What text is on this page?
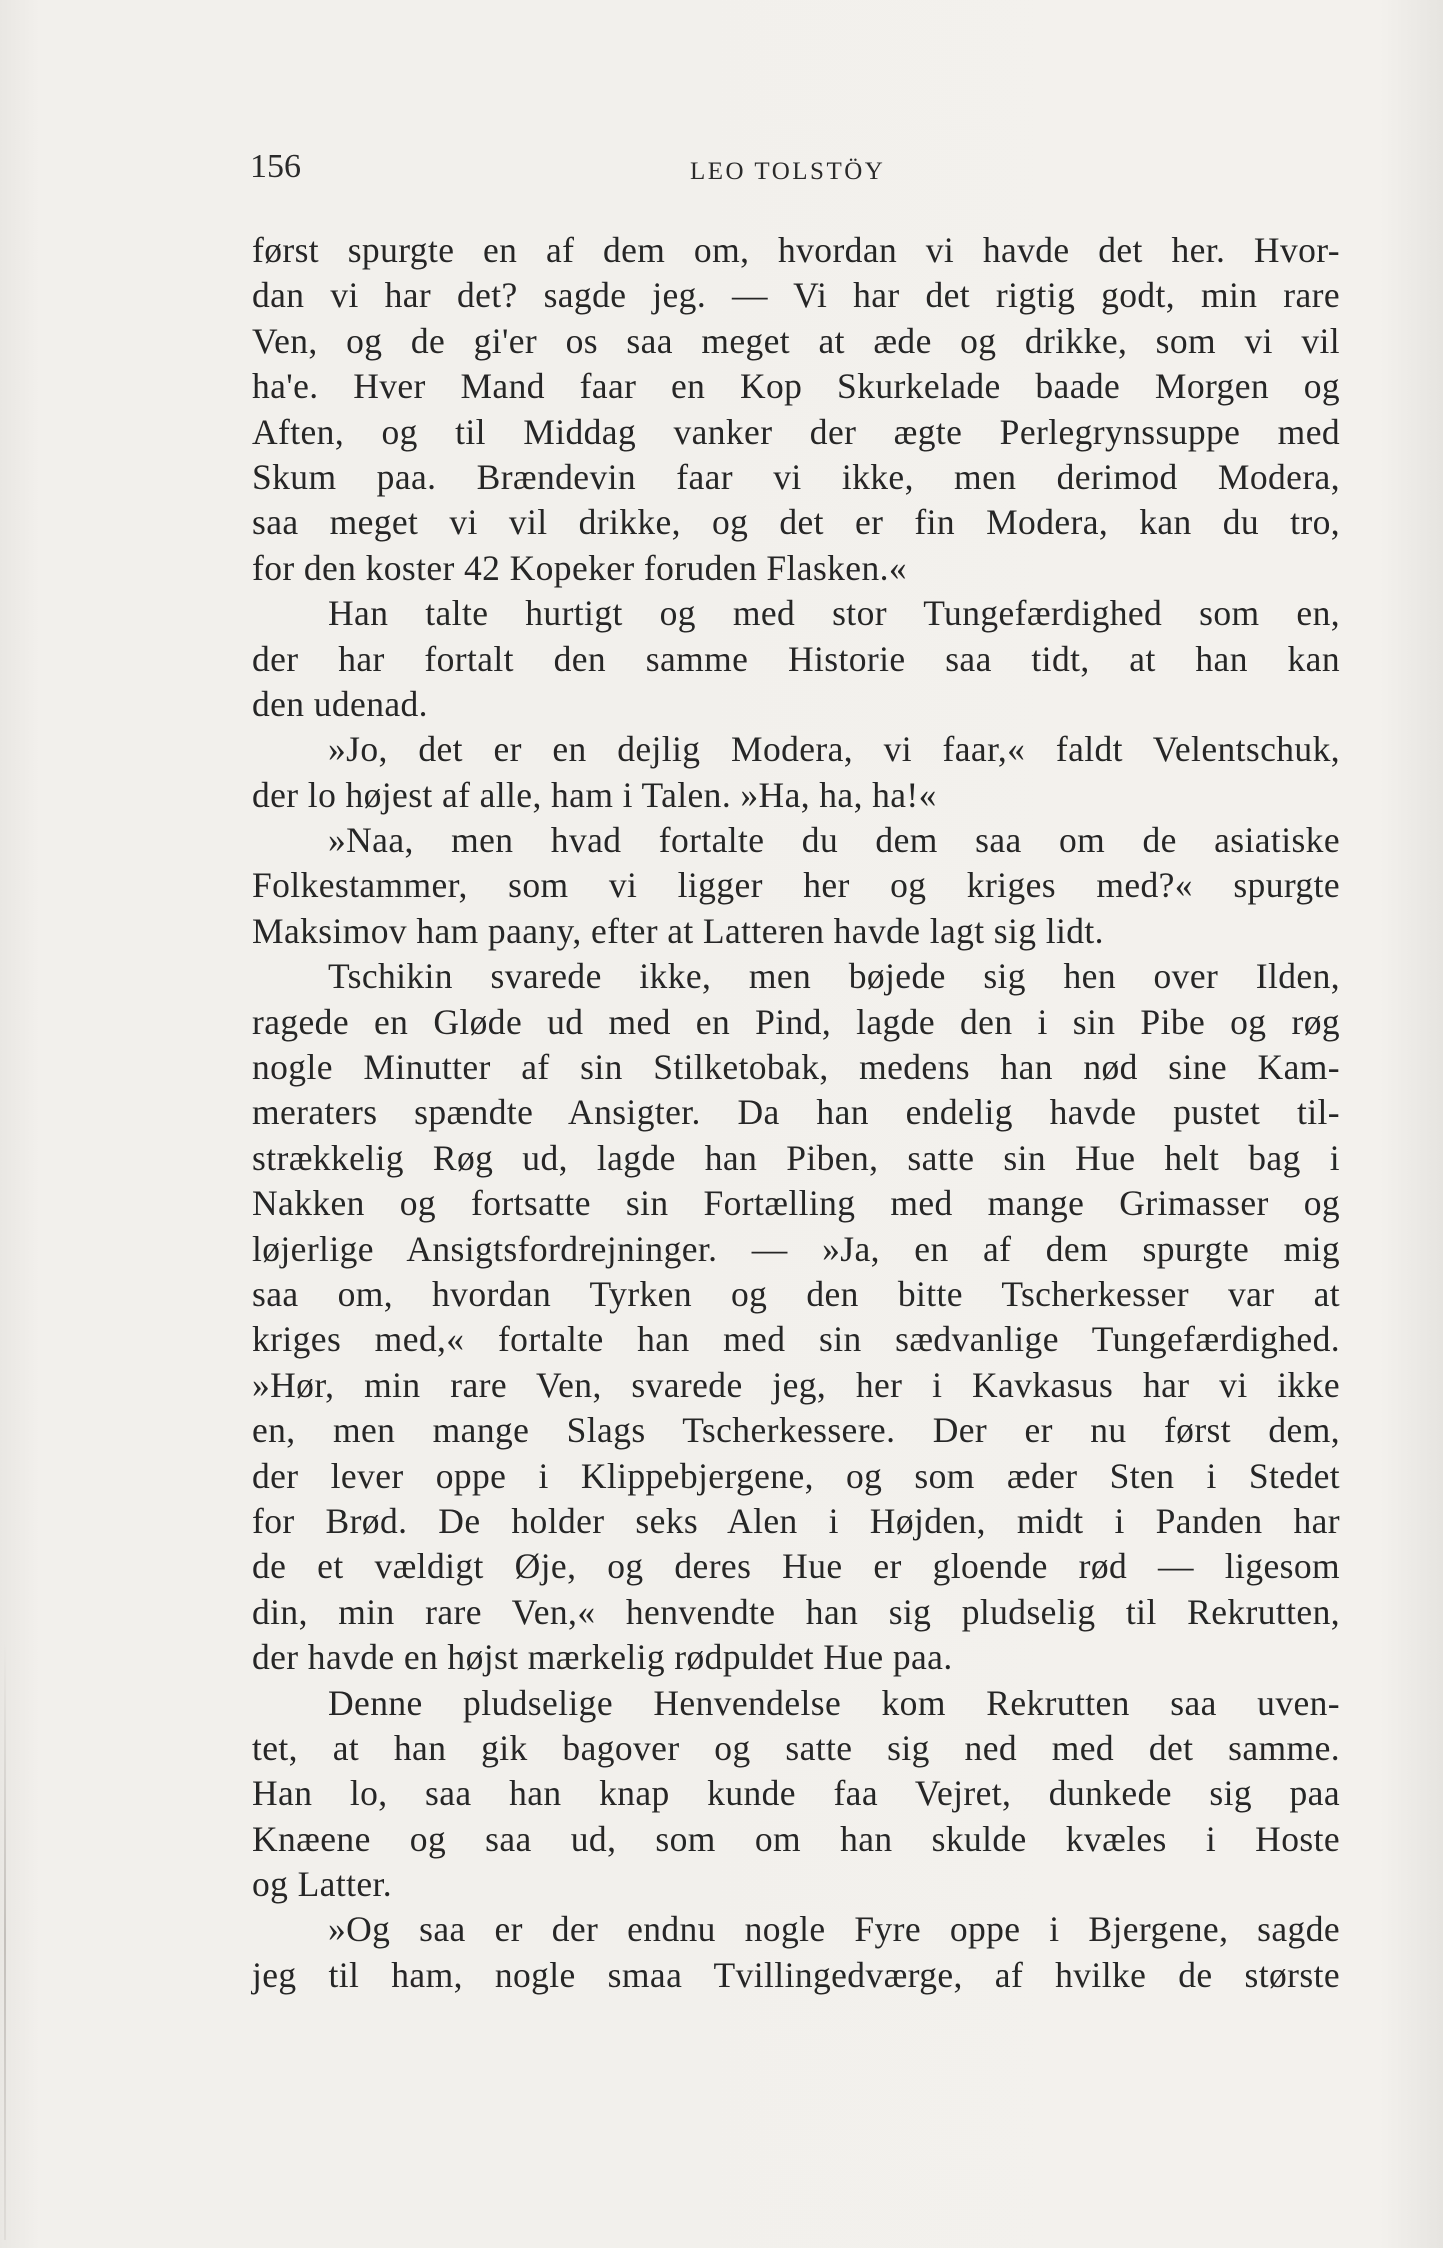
156	LEO TOLSTÖY
først spurgte en af dem om, hvordan vi havde det her. Hvor-
dan vi har det? sagde jeg. — Vi har det rigtig godt, min rare
Ven, og de gi'er os saa meget at æde og drikke, som vi vil
ha'e. Hver Mand faar en Kop Skurkelade baade Morgen og
Aften, og til Middag vanker der ægte Perlegrynssuppe med
Skum paa. Brændevin faar vi ikke, men derimod Modera,
saa meget vi vil drikke, og det er fin Modera, kan du tro,
for den koster 42 Kopeker foruden Flasken.«
Han talte hurtigt og med stor Tungefærdighed som en,
der har fortalt den samme Historie saa tidt, at han kan
den udenad.
»Jo, det er en dejlig Modera, vi faar,« faldt Velentschuk,
der lo højest af alle, ham i Talen. »Ha, ha, ha!«
»Naa, men hvad fortalte du dem saa om de asiatiske
Folkestammer, som vi ligger her og kriges med?« spurgte
Maksimov ham paany, efter at Latteren havde lagt sig lidt.
Tschikin svarede ikke, men bøjede sig hen over Ilden,
ragede en Gløde ud med en Pind, lagde den i sin Pibe og røg
nogle Minutter af sin Stilketobak, medens han nød sine Kam-
meraters spændte Ansigter. Da han endelig havde pustet til-
strækkelig Røg ud, lagde han Piben, satte sin Hue helt bag i
Nakken og fortsatte sin Fortælling med mange Grimasser og
løjerlige Ansigtsfordrejninger. — »Ja, en af dem spurgte mig
saa om, hvordan Tyrken og den bitte Tscherkesser var at
kriges med,« fortalte han med sin sædvanlige Tungefærdighed.
»Hør, min rare Ven, svarede jeg, her i Kavkasus har vi ikke
en, men mange Slags Tscherkessere. Der er nu først dem,
der lever oppe i Klippebjergene, og som æder Sten i Stedet
for Brød. De holder seks Alen i Højden, midt i Panden har
de et vældigt Øje, og deres Hue er gloende rød — ligesom
din, min rare Ven,« henvendte han sig pludselig til Rekrutten,
der havde en højst mærkelig rødpuldet Hue paa.
Denne pludselige Henvendelse kom Rekrutten saa uven-
tet, at han gik bagover og satte sig ned med det samme.
Han lo, saa han knap kunde faa Vejret, dunkede sig paa
Knæene og saa ud, som om han skulde kvæles i Hoste
og Latter.
»Og saa er der endnu nogle Fyre oppe i Bjergene, sagde
jeg til ham, nogle smaa Tvillingedværge, af hvilke de største
